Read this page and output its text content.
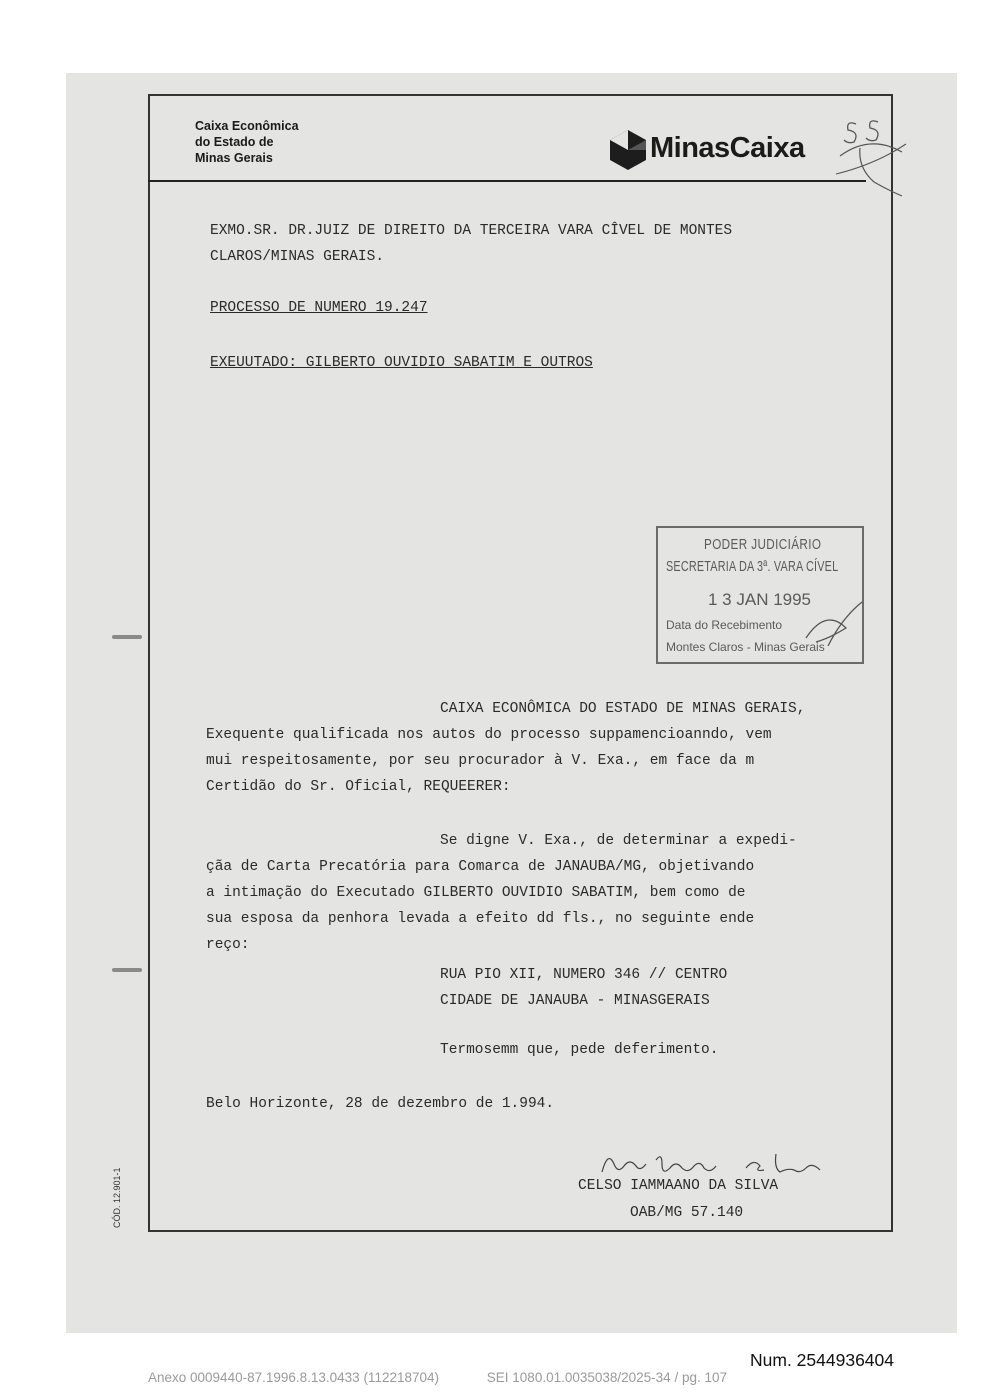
Caixa Econômica
do Estado de
Minas Gerais	MinasCaixa
EXMO.SR. DR.JUIZ DE DIREITO DA TERCEIRA VARA CÎVEL DE MONTES
CLAROS/MINAS GERAIS.
PROCESSO DE NUMERO 19.247
EXEUUTADO: GILBERTO OUVIDIO SABATIM E OUTROS
PODER JUDICIÁRIO
SECRETARIA DA 3ª. VARA CÍVEL
1 3 JAN 1995
Data do Recebimento
Montes Claros - Minas Gerais
CAIXA ECONÔMICA DO ESTADO DE MINAS GERAIS,
Exequente qualificada nos autos do processo suppamencioanndo, vem
mui respeitosamente, por seu procurador à V. Exa., em face da m
Certidão do Sr. Oficial, REQUEERER:
Se digne V. Exa., de determinar a expedi-
çãa de Carta Precatória para Comarca de JANAUBA/MG, objetivando
a intimação do Executado GILBERTO OUVIDIO SABATIM, bem como de
sua esposa da penhora levada a efeito dd fls., no seguinte ende
reço:
RUA PIO XII, NUMERO 346 // CENTRO
CIDADE DE JANAUBA - MINASGERAIS
Termosemm que, pede deferimento.
Belo Horizonte, 28 de dezembro de 1.994.
CELSO IAMMAANO DA SILVA
OAB/MG 57.140
CÓD. 12.901-1
Num. 2544936404
Anexo 0009440-87.1996.8.13.0433 (112218704)	SEI 1080.01.0035038/2025-34 / pg. 107
